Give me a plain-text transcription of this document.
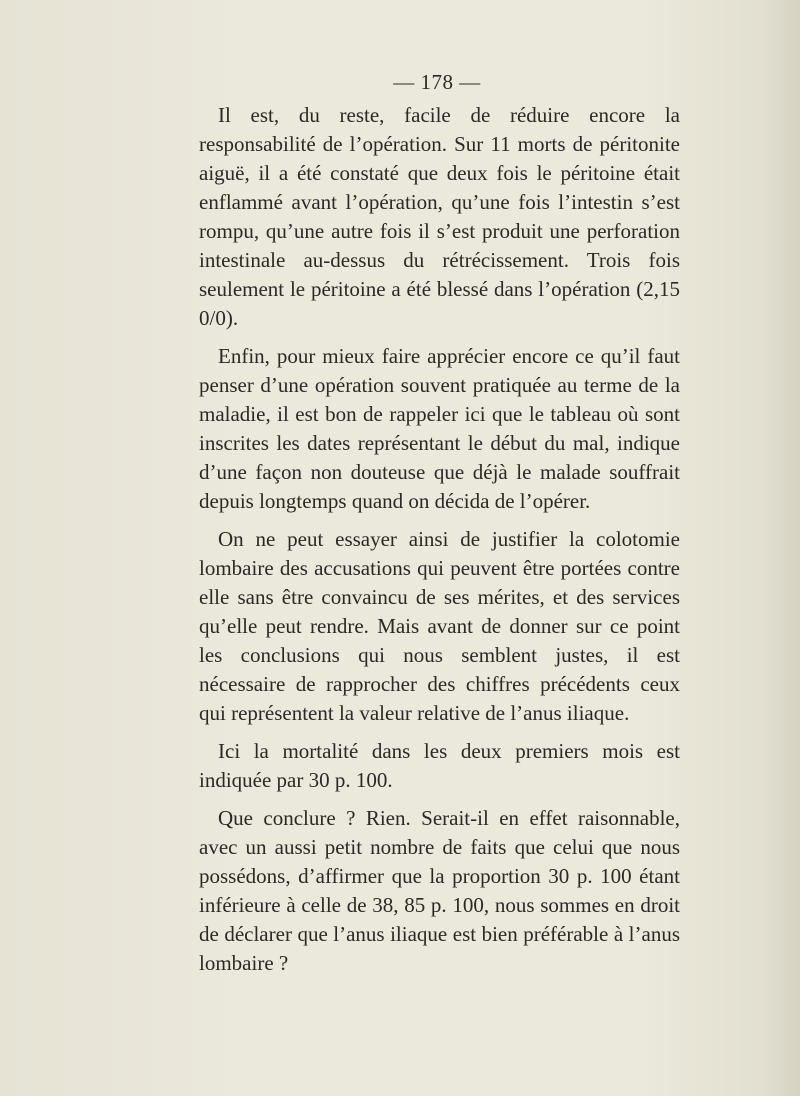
— 178 —

Il est, du reste, facile de réduire encore la responsabilité de l’opération. Sur 11 morts de péritonite aiguë, il a été constaté que deux fois le péritoine était enflammé avant l’opération, qu’une fois l’intestin s’est rompu, qu’une autre fois il s’est produit une perforation intestinale au-dessus du rétrécissement. Trois fois seulement le péritoine a été blessé dans l’opération (2,15 0/0).

Enfin, pour mieux faire apprécier encore ce qu’il faut penser d’une opération souvent pratiquée au terme de la maladie, il est bon de rappeler ici que le tableau où sont inscrites les dates représentant le début du mal, indique d’une façon non douteuse que déjà le malade souffrait depuis longtemps quand on décida de l’opérer.

On ne peut essayer ainsi de justifier la colotomie lombaire des accusations qui peuvent être portées contre elle sans être convaincu de ses mérites, et des services qu’elle peut rendre. Mais avant de donner sur ce point les conclusions qui nous semblent justes, il est nécessaire de rapprocher des chiffres précédents ceux qui représentent la valeur relative de l’anus iliaque.

Ici la mortalité dans les deux premiers mois est indiquée par 30 p. 100.

Que conclure ? Rien. Serait-il en effet raisonnable, avec un aussi petit nombre de faits que celui que nous possédons, d’affirmer que la proportion 30 p. 100 étant inférieure à celle de 38, 85 p. 100, nous sommes en droit de déclarer que l’anus iliaque est bien préférable à l’anus lombaire ?
